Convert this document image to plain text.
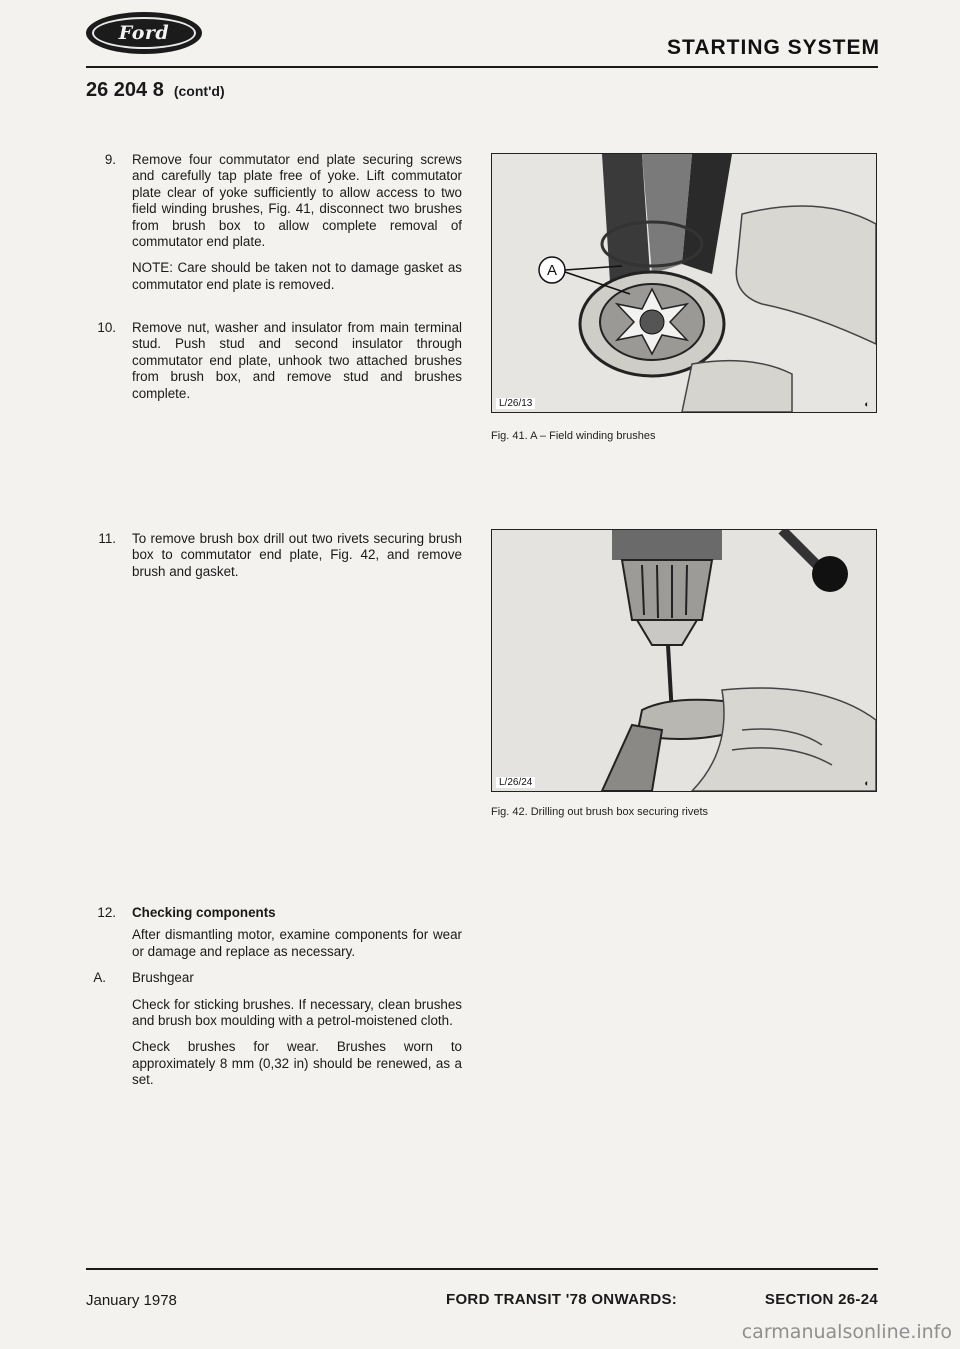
Ford
STARTING SYSTEM
26 204 8 (cont'd)
9. Remove four commutator end plate securing screws and carefully tap plate free of yoke. Lift commutator plate clear of yoke sufficiently to allow access to two field winding brushes, Fig. 41, disconnect two brushes from brush box to allow complete removal of commutator end plate.

NOTE: Care should be taken not to damage gasket as commutator end plate is removed.

10. Remove nut, washer and insulator from main terminal stud. Push stud and second insulator through commutator end plate, unhook two attached brushes from brush box, and remove stud and brushes complete.

11. To remove brush box drill out two rivets securing brush box to commutator end plate, Fig. 42, and remove brush and gasket.

12. Checking components

After dismantling motor, examine components for wear or damage and replace as necessary.

A. Brushgear

Check for sticking brushes. If necessary, clean brushes and brush box moulding with a petrol-moistened cloth.

Check brushes for wear. Brushes worn to approximately 8 mm (0,32 in) should be renewed, as a set.

A
L/26/13	◐
Fig. 41. A – Field winding brushes
L/26/24	◐
Fig. 42. Drilling out brush box securing rivets
January 1978	FORD TRANSIT '78 ONWARDS:	SECTION 26-24
carmanualsonline.info
